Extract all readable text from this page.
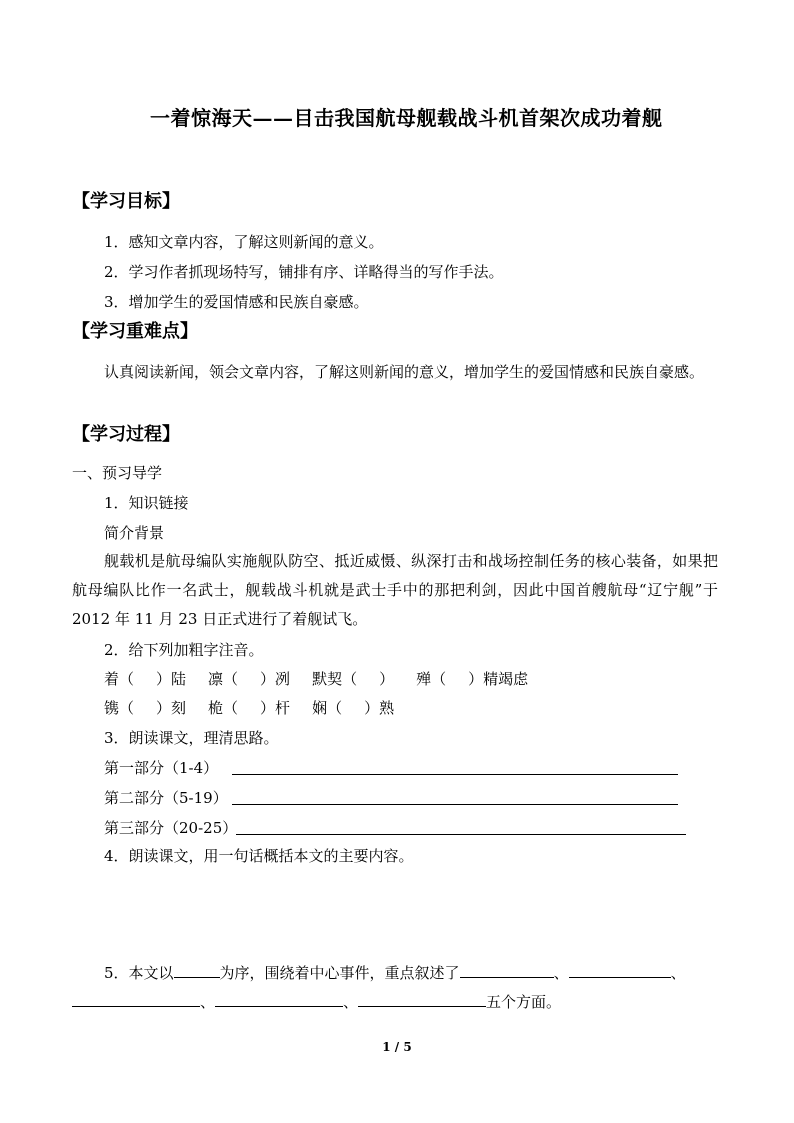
一着惊海天——目击我国航母舰载战斗机首架次成功着舰
【学习目标】
1．感知文章内容，了解这则新闻的意义。
2．学习作者抓现场特写，铺排有序、详略得当的写作手法。
3．增加学生的爱国情感和民族自豪感。
【学习重难点】
认真阅读新闻，领会文章内容，了解这则新闻的意义，增加学生的爱国情感和民族自豪感。
【学习过程】
一、预习导学
1．知识链接
简介背景
舰载机是航母编队实施舰队防空、抵近威慑、纵深打击和战场控制任务的核心装备，如果把航母编队比作一名武士，舰载战斗机就是武士手中的那把利剑，因此中国首艘航母“辽宁舰”于 2012 年 11 月 23 日正式进行了着舰试飞。
2．给下列加粗字注音。
着（ ）陆 凛（ ）冽 默契（ ） 殚（ ）精竭虑
镌（ ）刻 桅（ ）杆 娴（ ）熟
3．朗读课文，理清思路。
第一部分（1-4）
第二部分（5-19）
第三部分（20-25）
4．朗读课文，用一句话概括本文的主要内容。
5．本文以	为序，围绕着中心事件，重点叙述了	、	、
、	、	五个方面。
1 / 5
